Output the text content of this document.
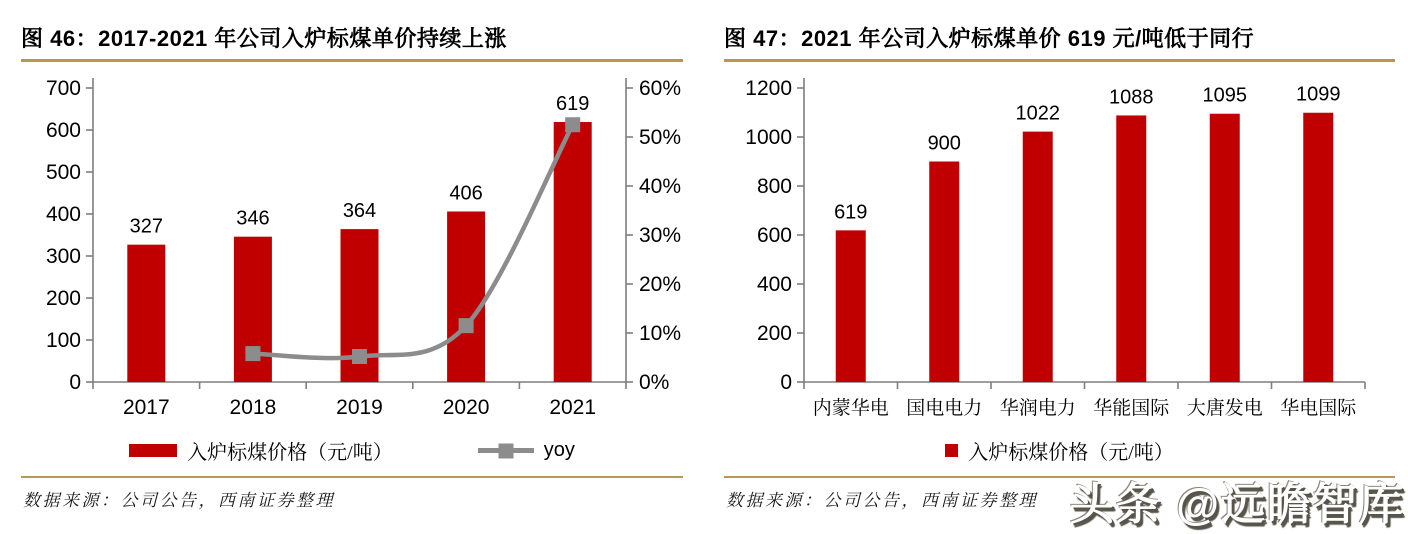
图 46：2017-2021 年公司入炉标煤单价持续上涨
0
100
200
300
400
500
600
700
0%
10%
20%
30%
40%
50%
60%
2017	2018	2019	2020	2021
327	346	364
406
619
入炉标煤价格（元/吨）	yoy
数据来源：公司公告，西南证券整理
图 47：2021 年公司入炉标煤单价 619 元/吨低于同行
0
200
400
600
800
1000
1200
内蒙华电 国电电力 华润电力 华能国际 大唐发电 华电国际
619
900
1022
1088 1095 1099
入炉标煤价格（元/吨）
数据来源：公司公告，西南证券整理 头条 @远瞻智库
